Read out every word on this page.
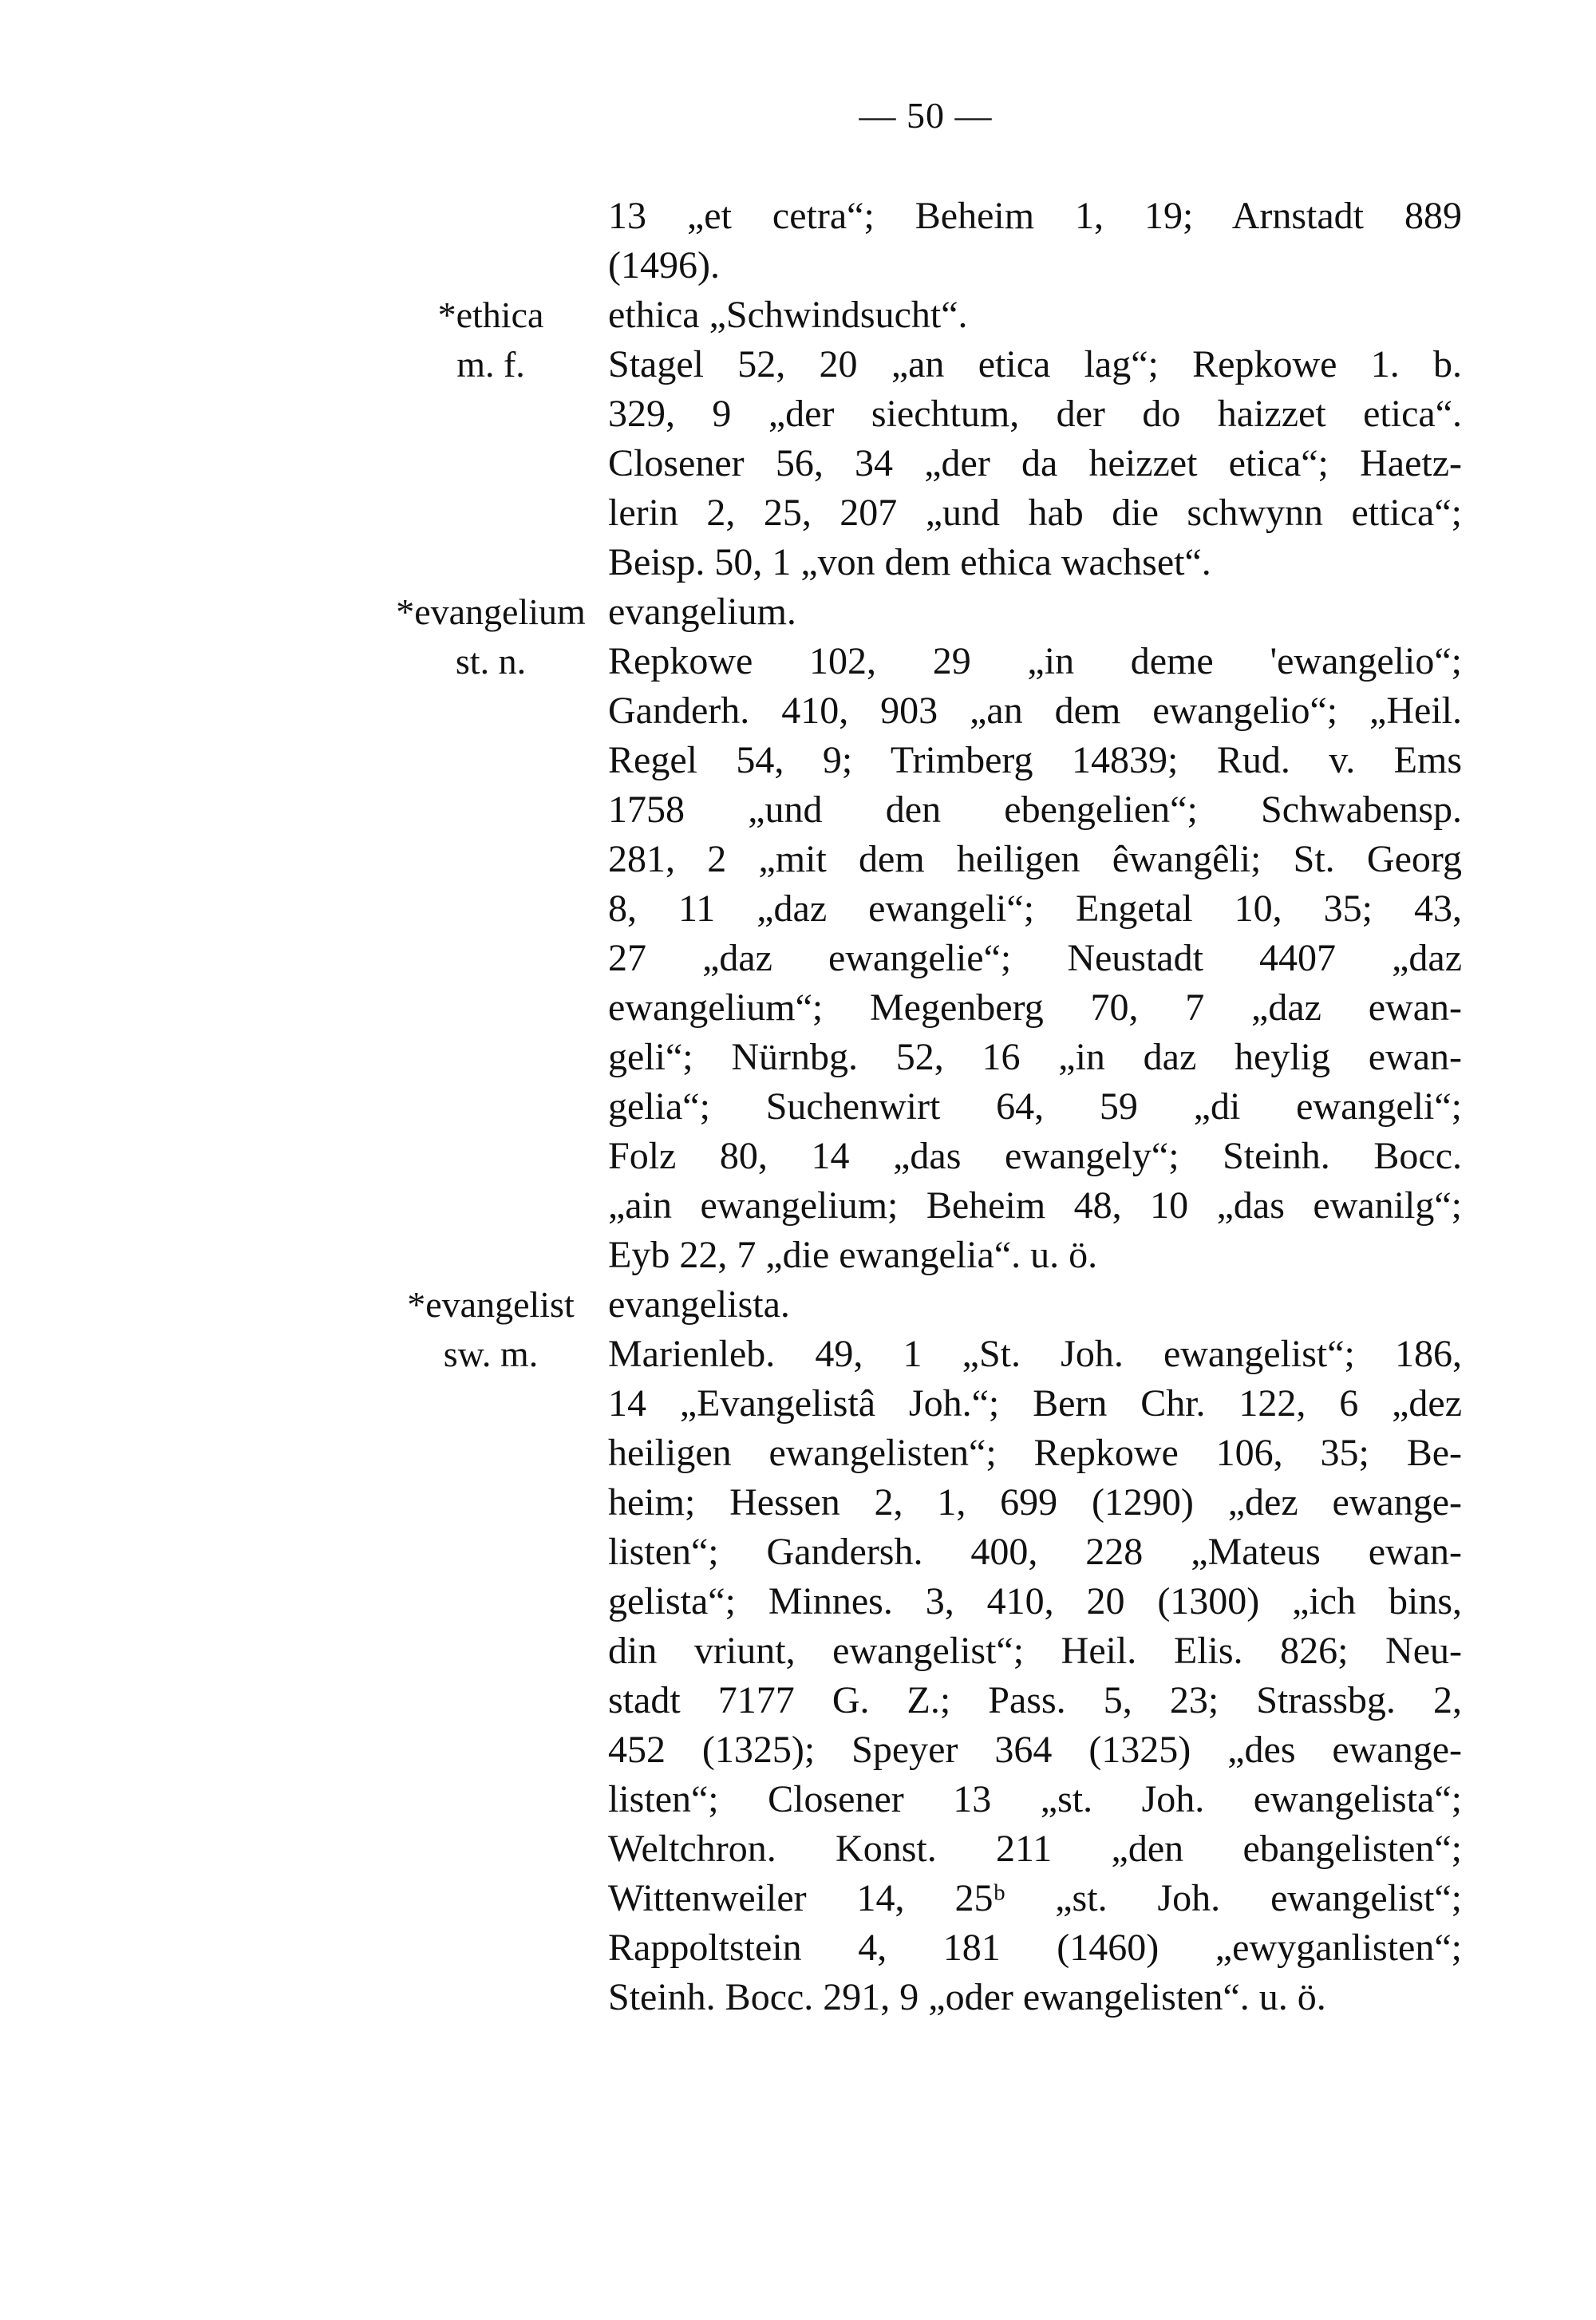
— 50 —
13 „et cetra“; Beheim 1, 19; Arnstadt 889
(1496).
*ethica
m. f.
ethica „Schwindsucht“.
Stagel 52, 20 „an etica lag“; Repkowe 1. b.
329, 9 „der siechtum, der do haizzet etica“.
Closener 56, 34 „der da heizzet etica“; Haetz-
lerin 2, 25, 207 „und hab die schwynn ettica“;
Beisp. 50, 1 „von dem ethica wachset“.
*evangelium
st. n.
evangelium.
Repkowe 102, 29 „in deme 'ewangelio“;
Ganderh. 410, 903 „an dem ewangelio“; „Heil.
Regel 54, 9; Trimberg 14839; Rud. v. Ems
1758 „und den ebengelien“; Schwabensp.
281, 2 „mit dem heiligen êwangêli; St. Georg
8, 11 „daz ewangeli“; Engetal 10, 35; 43,
27 „daz ewangelie“; Neustadt 4407 „daz
ewangelium“; Megenberg 70, 7 „daz ewan-
geli“; Nürnbg. 52, 16 „in daz heylig ewan-
gelia“; Suchenwirt 64, 59 „di ewangeli“;
Folz 80, 14 „das ewangely“; Steinh. Bocc.
„ain ewangelium; Beheim 48, 10 „das ewanilg“;
Eyb 22, 7 „die ewangelia“. u. ö.
*evangelist
sw. m.
evangelista.
Marienleb. 49, 1 „St. Joh. ewangelist“; 186,
14 „Evangelistâ Joh.“; Bern Chr. 122, 6 „dez
heiligen ewangelisten“; Repkowe 106, 35; Be-
heim; Hessen 2, 1, 699 (1290) „dez ewange-
listen“; Gandersh. 400, 228 „Mateus ewan-
gelista“; Minnes. 3, 410, 20 (1300) „ich bins,
din vriunt, ewangelist“; Heil. Elis. 826; Neu-
stadt 7177 G. Z.; Pass. 5, 23; Strassbg. 2,
452 (1325); Speyer 364 (1325) „des ewange-
listen“; Closener 13 „st. Joh. ewangelista“;
Weltchron. Konst. 211 „den ebangelisten“;
Wittenweiler 14, 25ᵇ „st. Joh. ewangelist“;
Rappoltstein 4, 181 (1460) „ewyganlisten“;
Steinh. Bocc. 291, 9 „oder ewangelisten“. u. ö.
